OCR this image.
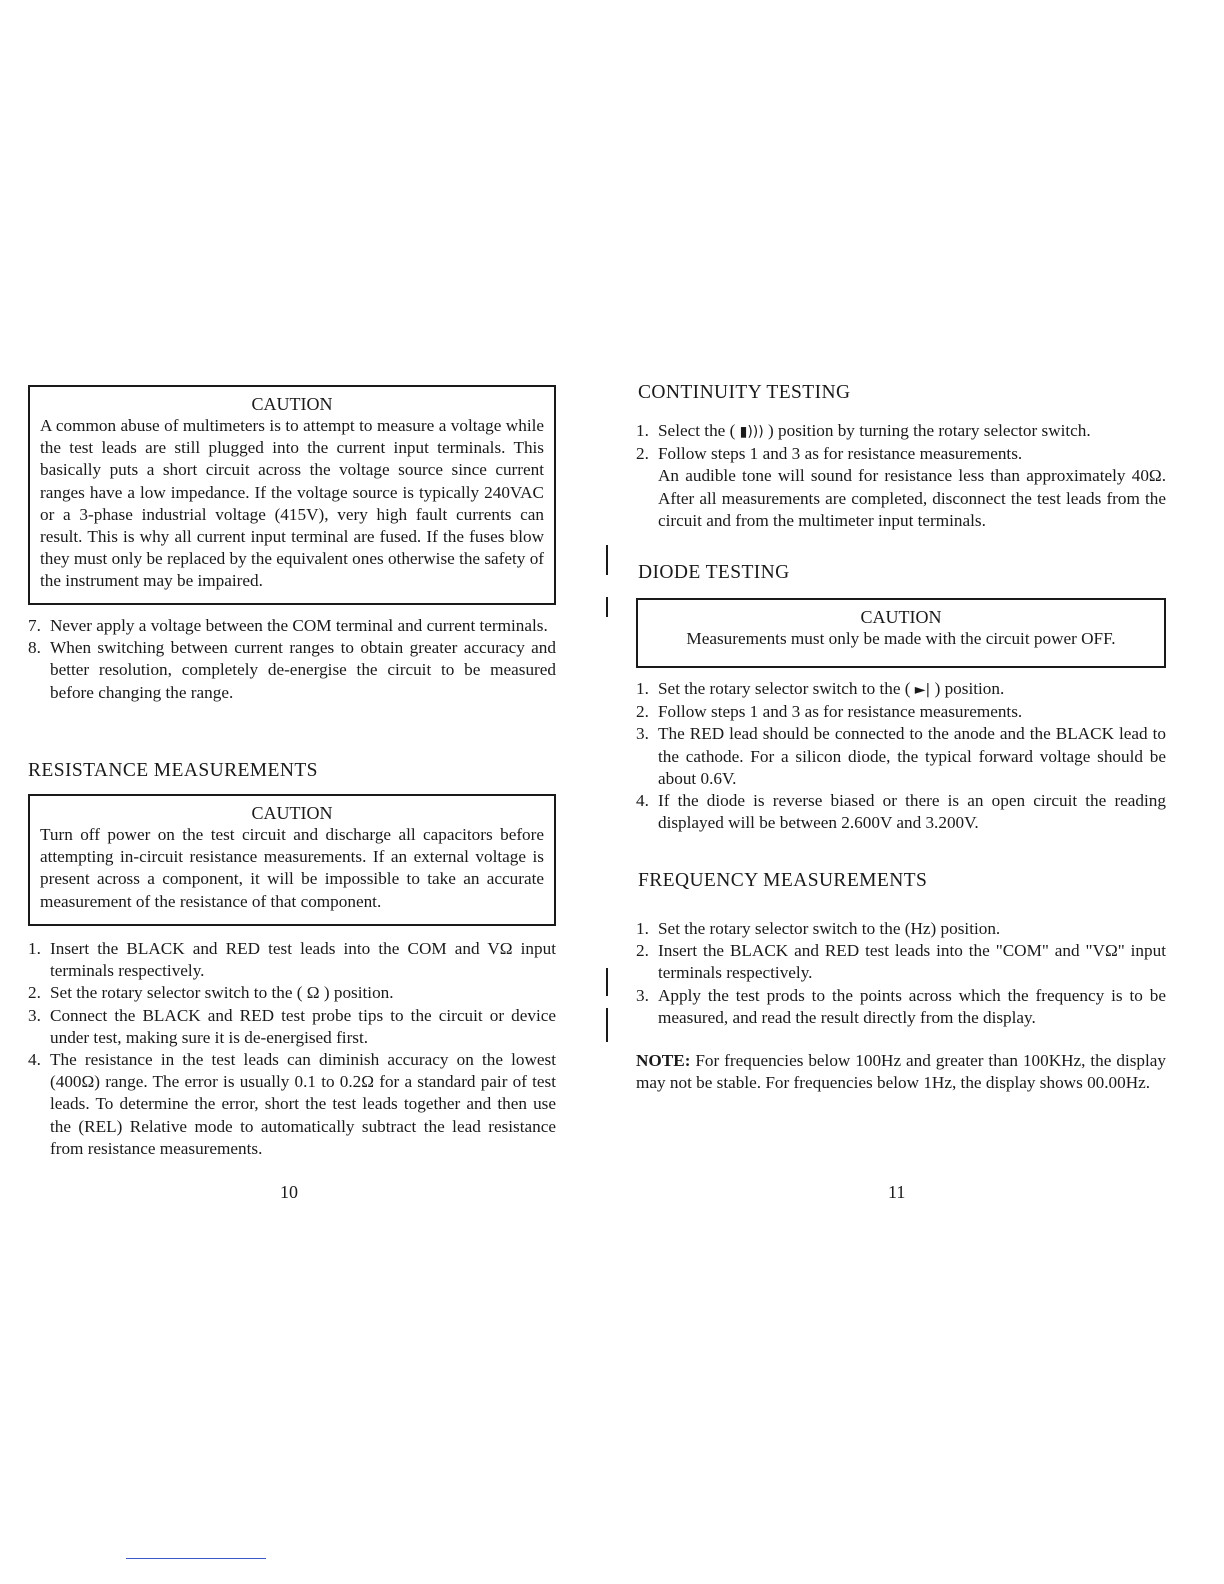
CAUTION

A common abuse of multimeters is to attempt to measure a voltage while the test leads are still plugged into the current input terminals. This basically puts a short circuit across the voltage source since current ranges have a low impedance. If the voltage source is typically 240VAC or a 3-phase industrial voltage (415V), very high fault currents can result. This is why all current input terminal are fused. If the fuses blow they must only be replaced by the equivalent ones otherwise the safety of the instrument may be impaired.

7. Never apply a voltage between the COM terminal and current terminals.
8. When switching between current ranges to obtain greater accuracy and better resolution, completely de-energise the circuit to be measured before changing the range.
RESISTANCE MEASUREMENTS
CAUTION

Turn off power on the test circuit and discharge all capacitors before attempting in-circuit resistance measurements. If an external voltage is present across a component, it will be impossible to take an accurate measurement of the resistance of that component.

1. Insert the BLACK and RED test leads into the COM and VΩ input terminals respectively.
2. Set the rotary selector switch to the ( Ω ) position.
3. Connect the BLACK and RED test probe tips to the circuit or device under test, making sure it is de-energised first.
4. The resistance in the test leads can diminish accuracy on the lowest (400Ω) range. The error is usually 0.1 to 0.2Ω for a standard pair of test leads. To determine the error, short the test leads together and then use the (REL) Relative mode to automatically subtract the lead resistance from resistance measurements.
10
CONTINUITY TESTING
1. Select the ( ▮))) ) position by turning the rotary selector switch.
2. Follow steps 1 and 3 as for resistance measurements.
An audible tone will sound for resistance less than approximately 40Ω. After all measurements are completed, disconnect the test leads from the circuit and from the multimeter input terminals.
DIODE TESTING
CAUTION

Measurements must only be made with the circuit power OFF.

1. Set the rotary selector switch to the ( ►| ) position.
2. Follow steps 1 and 3 as for resistance measurements.
3. The RED lead should be connected to the anode and the BLACK lead to the cathode. For a silicon diode, the typical forward voltage should be about 0.6V.
4. If the diode is reverse biased or there is an open circuit the reading displayed will be between 2.600V and 3.200V.
FREQUENCY MEASUREMENTS
1. Set the rotary selector switch to the (Hz) position.
2. Insert the BLACK and RED test leads into the "COM" and "VΩ" input terminals respectively.
3. Apply the test prods to the points across which the frequency is to be measured, and read the result directly from the display.

NOTE: For frequencies below 100Hz and greater than 100KHz, the display may not be stable. For frequencies below 1Hz, the display shows 00.00Hz.

11
